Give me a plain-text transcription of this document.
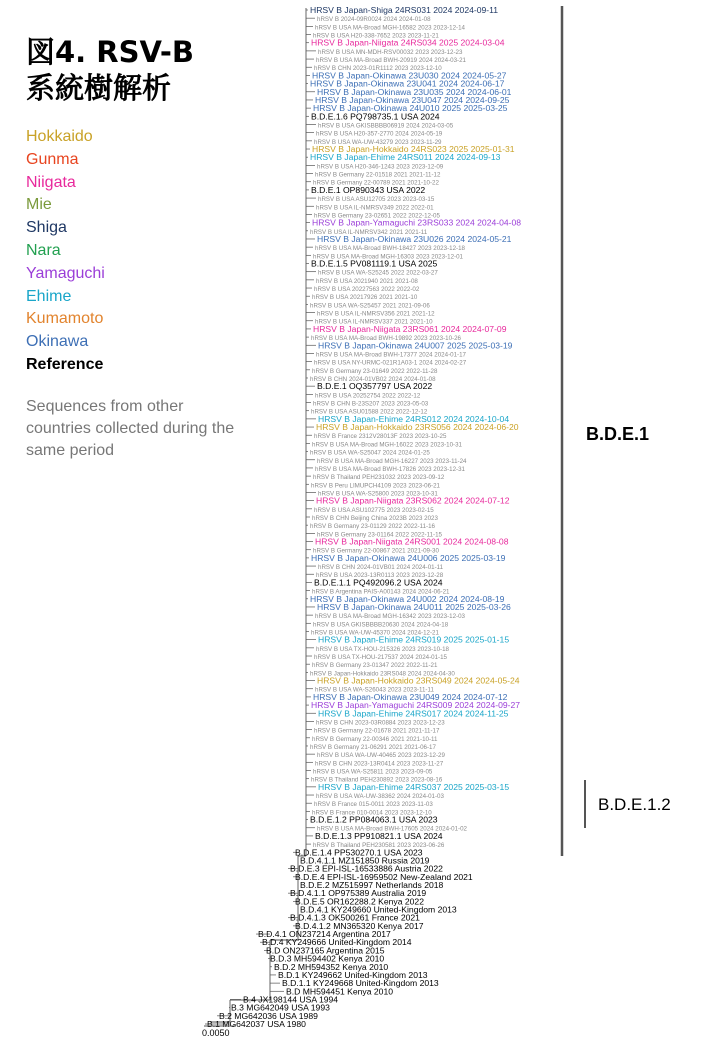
図4. RSV-B
系統樹解析
Hokkaido
Gunma
Niigata
Mie
Shiga
Nara
Yamaguchi
Ehime
Kumamoto
Okinawa
Reference
Sequences from other countries collected during the same period
HRSV B Japan-Shiga 24RS031 2024 2024-09-11
hRSV B 2024-09R0024 2024 2024-01-08
hRSV B USA MA-Broad MGH-16582 2023 2023-12-14
hRSV B USA H20-338-7652 2023 2023-11-21
HRSV B Japan-Niigata 24RS034 2025 2024-03-04
hRSV B USA MN-MDH-RSV00032 2023 2023-12-23
hRSV B USA MA-Broad BWH-20919 2024 2024-03-21
hRSV B CHN 2023-01R1112 2023 2023-12-10
HRSV B Japan-Okinawa 23U030 2024 2024-05-27
HRSV B Japan-Okinawa 23U041 2024 2024-06-17
HRSV B Japan-Okinawa 23U035 2024 2024-06-01
HRSV B Japan-Okinawa 23U047 2024 2024-09-25
HRSV B Japan-Okinawa 24U010 2025 2025-03-25
B.D.E.1.6 PQ798735.1 USA 2024
hRSV B USA GKISBBBB06919 2024 2024-03-05
hRSV B USA H20-357-2770 2024 2024-05-19
hRSV B USA WA-UW-43279 2023 2023-11-29
HRSV B Japan-Hokkaido 24RS023 2025 2025-01-31
HRSV B Japan-Ehime 24RS011 2024 2024-09-13
hRSV B USA H20-346-1243 2023 2023-12-09
hRSV B Germany 22-01518 2021 2021-11-12
hRSV B Germany 22-00789 2021 2021-10-22
B.D.E.1 OP890343 USA 2022
hRSV B USA ASU12705 2023 2023-03-15
hRSV B USA IL-NMRSV349 2022 2022-01
hRSV B Germany 23-02651 2022 2022-12-05
HRSV B Japan-Yamaguchi 23RS033 2024 2024-04-08
hRSV B USA IL-NMRSV342 2021 2021-11
HRSV B Japan-Okinawa 23U026 2024 2024-05-21
hRSV B USA MA-Broad BWH-18427 2023 2023-12-18
hRSV B USA MA-Broad MGH-16303 2023 2023-12-01
B.D.E.1.5 PV081119.1 USA 2025
hRSV B USA WA-S25245 2022 2022-03-27
hRSV B USA 2021940 2021 2021-08
hRSV B USA 20227563 2022 2022-02
hRSV B USA 20217926 2021 2021-10
hRSV B USA WA-S25457 2021 2021-09-06
hRSV B USA IL-NMRSV356 2021 2021-12
hRSV B USA IL-NMRSV337 2021 2021-10
HRSV B Japan-Niigata 23RS061 2024 2024-07-09
hRSV B USA MA-Broad BWH-19892 2023 2023-10-26
HRSV B Japan-Okinawa 24U007 2025 2025-03-19
hRSV B USA MA-Broad BWH-17377 2024 2024-01-17
hRSV B USA NY-URMC-021R1A03-1 2024 2024-02-27
hRSV B Germany 23-01649 2022 2022-11-28
hRSV B CHN 2024-01VB02 2024 2024-01-08
B.D.E.1 OQ357797 USA 2022
hRSV B USA 20252754 2022 2022-12
hRSV B CHN B-23S207 2023 2023-05-03
hRSV B USA ASU01588 2022 2022-12-12
HRSV B Japan-Ehime 24RS012 2024 2024-10-04
HRSV B Japan-Hokkaido 23RS056 2024 2024-06-20
hRSV B France 2312V28013F 2023 2023-10-25
hRSV B USA MA-Broad MGH-16022 2023 2023-10-31
hRSV B USA WA-S25047 2024 2024-01-25
hRSV B USA MA-Broad MGH-16227 2023 2023-11-24
hRSV B USA MA-Broad BWH-17826 2023 2023-12-31
hRSV B Thailand PEH231032 2023 2023-09-12
hRSV B Peru LIMUPCH4109 2023 2023-06-21
hRSV B USA WA-S25800 2023 2023-10-31
HRSV B Japan-Niigata 23RS062 2024 2024-07-12
hRSV B USA ASU102775 2023 2023-02-15
hRSV B CHN Beijing China 2023B 2023 2023
hRSV B Germany 23-01129 2022 2022-11-16
hRSV B Germany 23-01164 2022 2022-11-15
HRSV B Japan-Niigata 24RS001 2024 2024-08-08
hRSV B Germany 22-00867 2021 2021-09-30
HRSV B Japan-Okinawa 24U006 2025 2025-03-19
hRSV B CHN 2024-01VB01 2024 2024-01-11
hRSV B USA 2023-13R0113 2023 2023-12-28
B.D.E.1.1 PQ492096.2 USA 2024
hRSV B Argentina PAIS-A00143 2024 2024-06-21
HRSV B Japan-Okinawa 24U002 2024 2024-08-19
HRSV B Japan-Okinawa 24U011 2025 2025-03-26
hRSV B USA MA-Broad MGH-16342 2023 2023-12-03
hRSV B USA GKISBBBB20630 2024 2024-04-18
hRSV B USA WA-UW-45370 2024 2024-12-21
HRSV B Japan-Ehime 24RS019 2025 2025-01-15
hRSV B USA TX-HOU-215326 2023 2023-10-18
hRSV B USA TX-HOU-217537 2024 2024-01-15
hRSV B Germany 23-01347 2022 2022-11-21
hRSV B Japan-Hokkaido 23RS048 2024 2024-04-30
HRSV B Japan-Hokkaido 23RS049 2024 2024-05-24
hRSV B USA WA-S26043 2023 2023-11-11
HRSV B Japan-Okinawa 23U049 2024 2024-07-12
HRSV B Japan-Yamaguchi 24RS009 2024 2024-09-27
HRSV B Japan-Ehime 24RS017 2024 2024-11-25
hRSV B CHN 2023-03R0884 2023 2023-12-23
hRSV B Germany 22-01678 2021 2021-11-17
hRSV B Germany 22-00346 2021 2021-10-11
hRSV B Germany 21-06291 2021 2021-06-17
hRSV B USA WA-UW-40465 2023 2023-12-29
hRSV B CHN 2023-13R0414 2023 2023-11-27
hRSV B USA WA-S25811 2023 2023-09-05
hRSV B Thailand PEH230892 2023 2023-08-16
HRSV B Japan-Ehime 24RS037 2025 2025-03-15
hRSV B USA WA-UW-38362 2024 2024-01-03
hRSV B France 015-0011 2023 2023-11-03
hRSV B France 010-0014 2023 2023-12-10
B.D.E.1.2 PP084063.1 USA 2023
hRSV B USA MA-Broad BWH-17605 2024 2024-01-02
B.D.E.1.3 PP910821.1 USA 2024
hRSV B Thailand PEH230581 2023 2023-06-26
B.D.E.1.4 PP530270.1 USA 2023
B.D.4.1.1 MZ151850 Russia 2019
B.D.E.3 EPI-ISL-16533886 Austria 2022
B.D.E.4 EPI-ISL-16959502 New-Zealand 2021
B.D.E.2 MZ515997 Netherlands 2018
B.D.4.1.1 OP975389 Australia 2019
B.D.E.5 OR162288.2 Kenya 2022
B.D.4.1 KY249660 United-Kingdom 2013
B.D.4.1.3 OK500261 France 2021
B.D.4.1.2 MN365320 Kenya 2017
B.D.4.1 ON237214 Argentina 2017
B.D.4 KY249666 United-Kingdom 2014
B.D ON237165 Argentina 2015
B.D.3 MH594402 Kenya 2010
B.D.2 MH594352 Kenya 2010
B.D.1 KY249662 United-Kingdom 2013
B.D.1.1 KY249668 United-Kingdom 2013
B.D MH594451 Kenya 2010
B.4 JX198144 USA 1994
B.3 MG642049 USA 1993
B.2 MG642036 USA 1989
B.1 MG642037 USA 1980
B.D.E.1
B.D.E.1.2
0.0050
